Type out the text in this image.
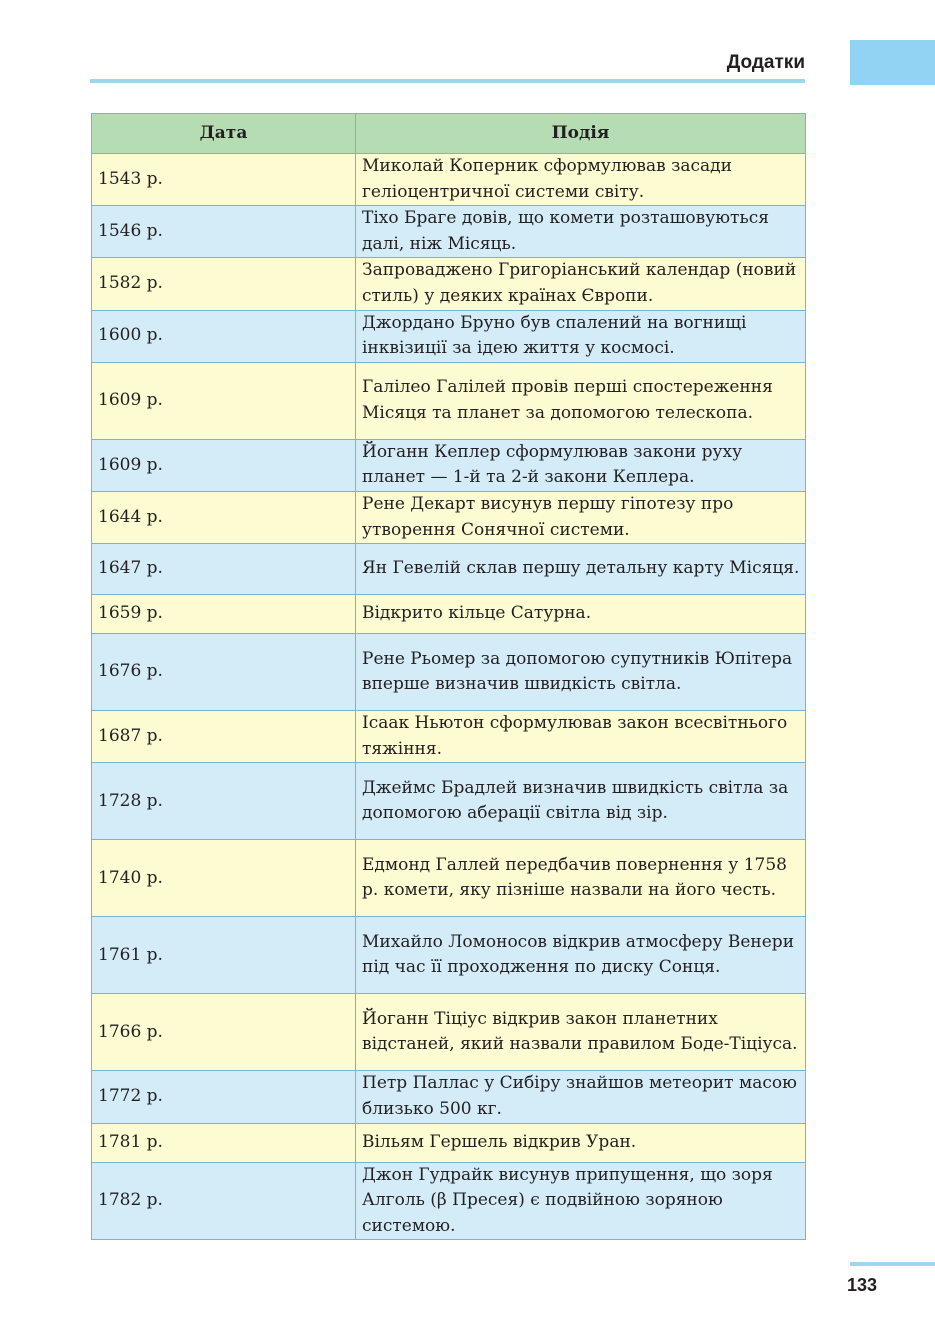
Додатки
Дата	Подія
1543 р.	Миколай Коперник сформулював засади геліоцентричної системи світу.
1546 р.	Тіхо Браге довів, що комети розташовуються далі, ніж Місяць.
1582 р.	Запроваджено Григоріанський календар (новий стиль) у деяких країнах Європи.
1600 р.	Джордано Бруно був спалений на вогнищі інквізиції за ідею життя у космосі.
1609 р.	Галілео Галілей провів перші спостереження Місяця та планет за допомогою телескопа.
1609 р.	Йоганн Кеплер сформулював закони руху планет — 1-й та 2-й закони Кеплера.
1644 р.	Рене Декарт висунув першу гіпотезу про утворення Сонячної системи.
1647 р.	Ян Гевелій склав першу детальну карту Місяця.
1659 р.	Відкрито кільце Сатурна.
1676 р.	Рене Рьомер за допомогою супутників Юпітера вперше визначив швидкість світла.
1687 р.	Ісаак Ньютон сформулював закон всесвітнього тяжіння.
1728 р.	Джеймс Брадлей визначив швидкість світла за допомогою аберації світла від зір.
1740 р.	Едмонд Галлей передбачив повернення у 1758 р. комети, яку пізніше назвали на його честь.
1761 р.	Михайло Ломоносов відкрив атмосферу Венери під час її проходження по диску Сонця.
1766 р.	Йоганн Тіціус відкрив закон планетних відстаней, який назвали правилом Боде-Тіціуса.
1772 р.	Петр Паллас у Сибіру знайшов метеорит масою близько 500 кг.
1781 р.	Вільям Гершель відкрив Уран.
1782 р.	Джон Гудрайк висунув припущення, що зоря Алголь (β Пресея) є подвійною зоряною системою.
133
